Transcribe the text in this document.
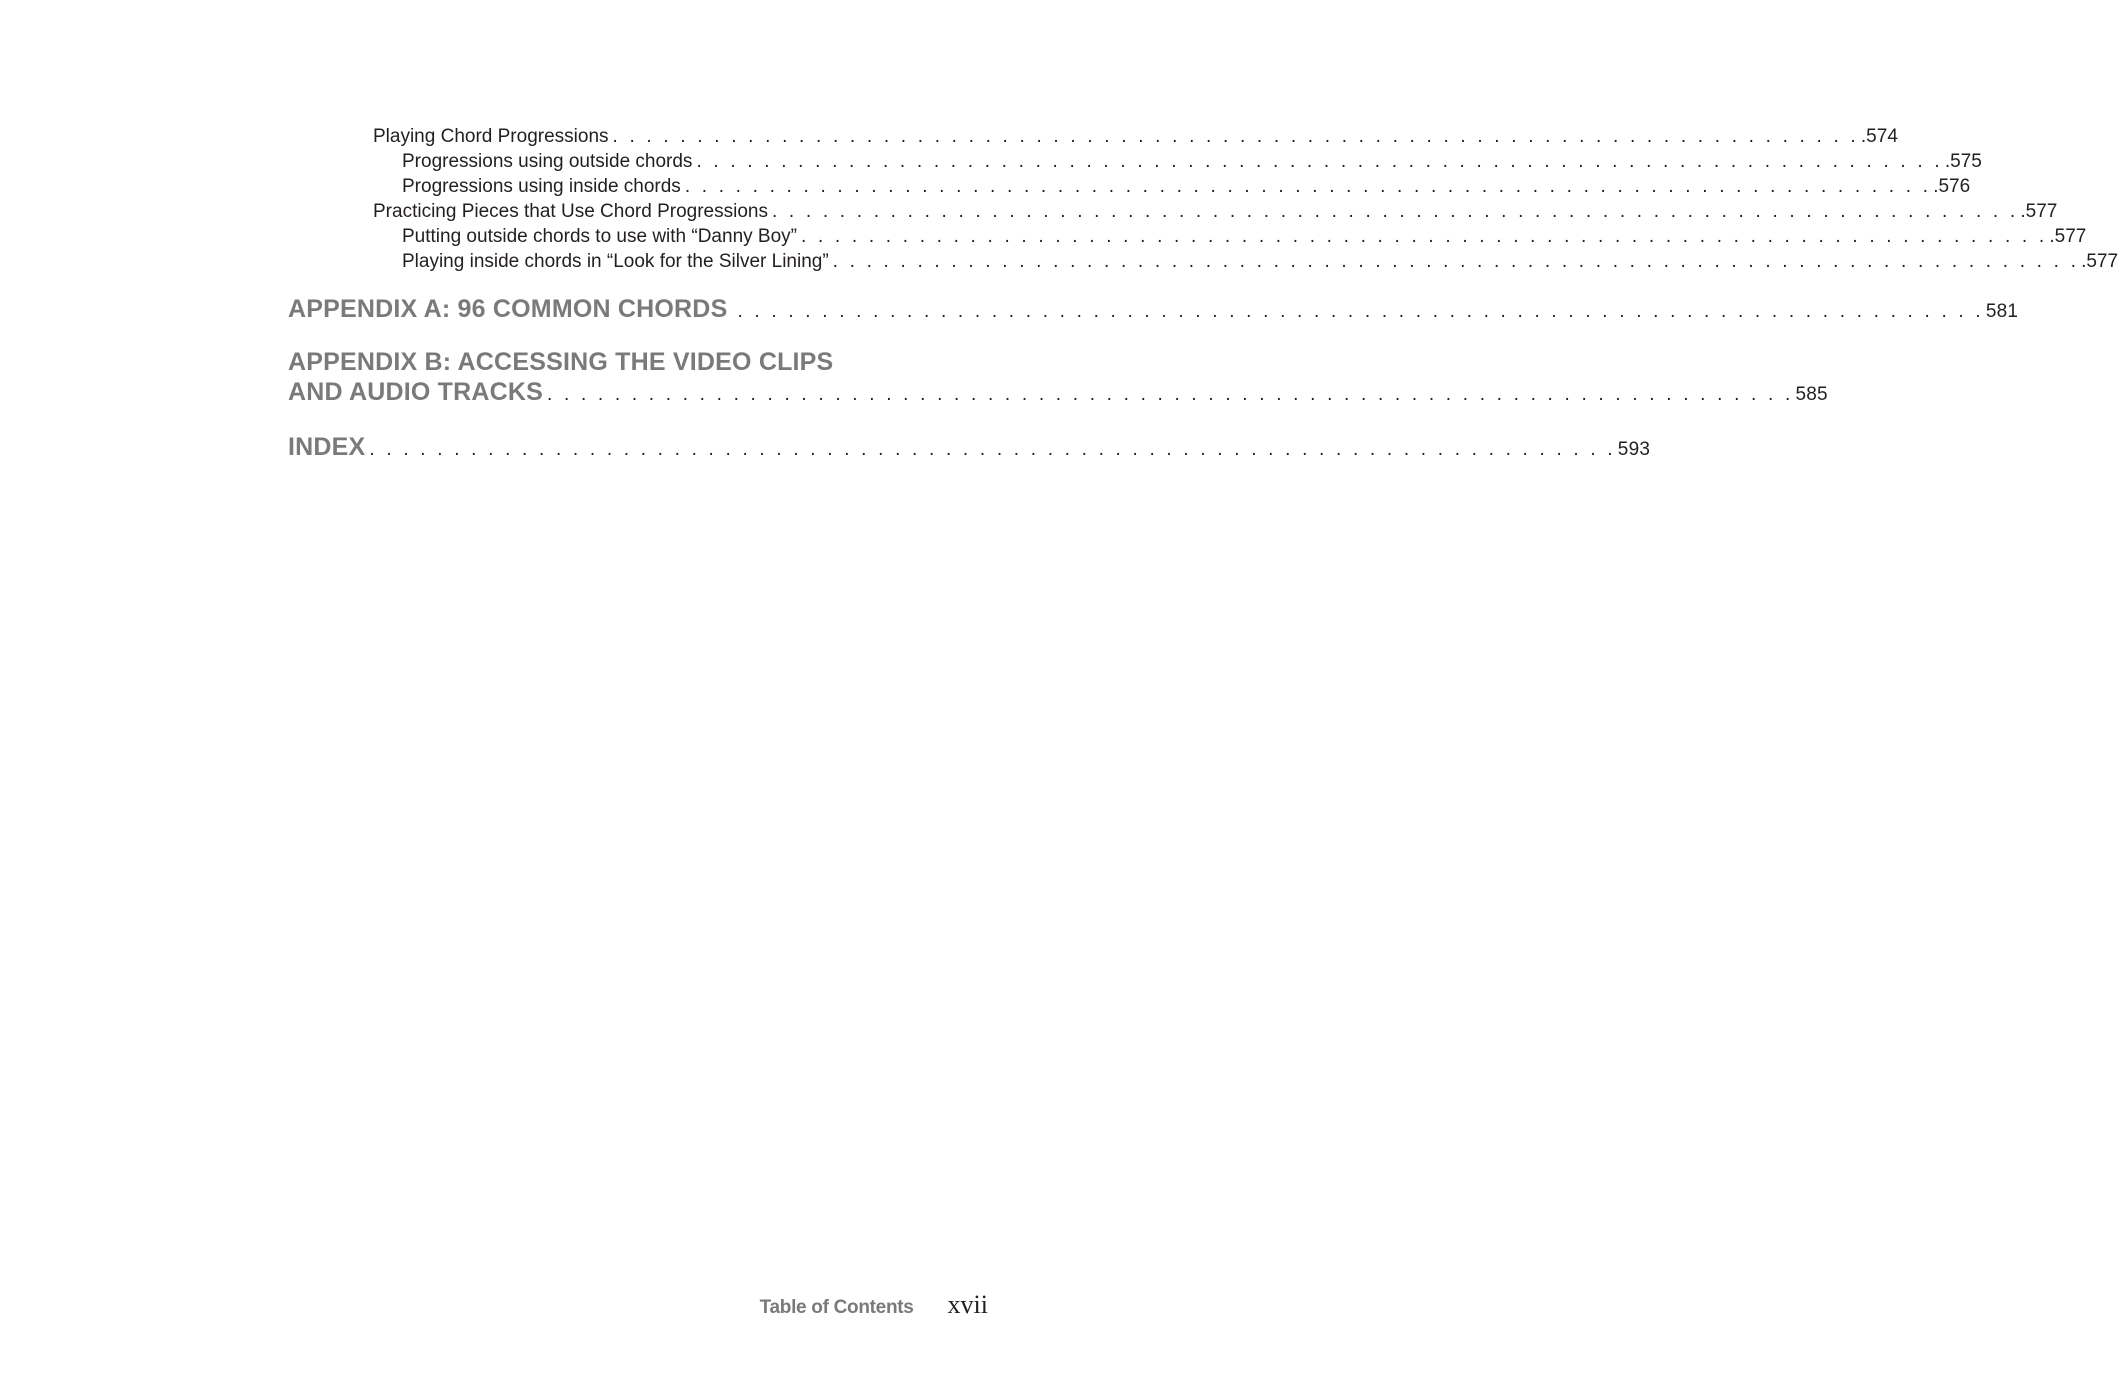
Playing Chord Progressions . . . . . . . . . . . . . . . . . . . . . . . . . . . . . . . . . . . . . . . . . . . . . . . . . . . . . . . . . . . . . . . . . . . . . . . . . . .574
Progressions using outside chords . . . . . . . . . . . . . . . . . . . . . . . . . . . . . . . . . . . . . . . . . . . . . . . . . . . . . . . . . . . . . . . . . . . . . . . . . . .575
Progressions using inside chords . . . . . . . . . . . . . . . . . . . . . . . . . . . . . . . . . . . . . . . . . . . . . . . . . . . . . . . . . . . . . . . . . . . . . . . . . . .576
Practicing Pieces that Use Chord Progressions . . . . . . . . . . . . . . . . . . . . . . . . . . . . . . . . . . . . . . . . . . . . . . . . . . . . . . . . . . . . . . . . . . . . . . . . . . .577
Putting outside chords to use with “Danny Boy” . . . . . . . . . . . . . . . . . . . . . . . . . . . . . . . . . . . . . . . . . . . . . . . . . . . . . . . . . . . . . . . . . . . . . . . . . . .577
Playing inside chords in “Look for the Silver Lining” . . . . . . . . . . . . . . . . . . . . . . . . . . . . . . . . . . . . . . . . . . . . . . . . . . . . . . . . . . . . . . . . . . . . . . . . . . .577
APPENDIX A: 96 COMMON CHORDS . . . . . . . . . . . . . . . . . . . . . . . . . . . . . . . . . . . . . . . . . . . . . . . . . . . . . . . . . . . . . . . . . . . . . . . . . . 581
APPENDIX B: ACCESSING THE VIDEO CLIPS
AND AUDIO TRACKS . . . . . . . . . . . . . . . . . . . . . . . . . . . . . . . . . . . . . . . . . . . . . . . . . . . . . . . . . . . . . . . . . . . . . . . . . . 585
INDEX . . . . . . . . . . . . . . . . . . . . . . . . . . . . . . . . . . . . . . . . . . . . . . . . . . . . . . . . . . . . . . . . . . . . . . . . . . 593
Table of Contents xvii
